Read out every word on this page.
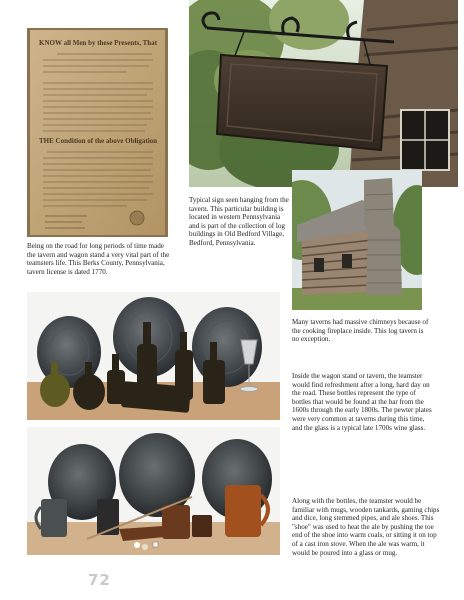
KNOW all Men by these Presents, That
THE Condition of the above Obligation

Being on the road for long periods of time made the tavern and wagon stand a very vital part of the teamsters life. This Berks County, Pennsylvania, tavern license is dated 1770.

Typical sign seen hanging from the tavern. This particular building is located in western Pennsylvania and is part of the collection of log buildings in Old Bedford Village, Bedford, Pennsylvania.

Many taverns had massive chimneys because of the cooking fireplace inside. This log tavern is no exception.

Inside the wagon stand or tavern, the teamster would find refreshment after a long, hard day on the road. These bottles represent the type of bottles that would be found at the bar from the 1600s through the early 1800s. The pewter plates were very common at taverns during this time, and the glass is a typical late 1700s wine glass.

Along with the bottles, the teamster would be familiar with mugs, wooden tankards, gaming chips and dice, long stemmed pipes, and ale shoes. This "shoe" was used to heat the ale by pushing the toe end of the shoe into warm coals, or sitting it on top of a cast iron stove. When the ale was warm, it would be poured into a glass or mug.

72
